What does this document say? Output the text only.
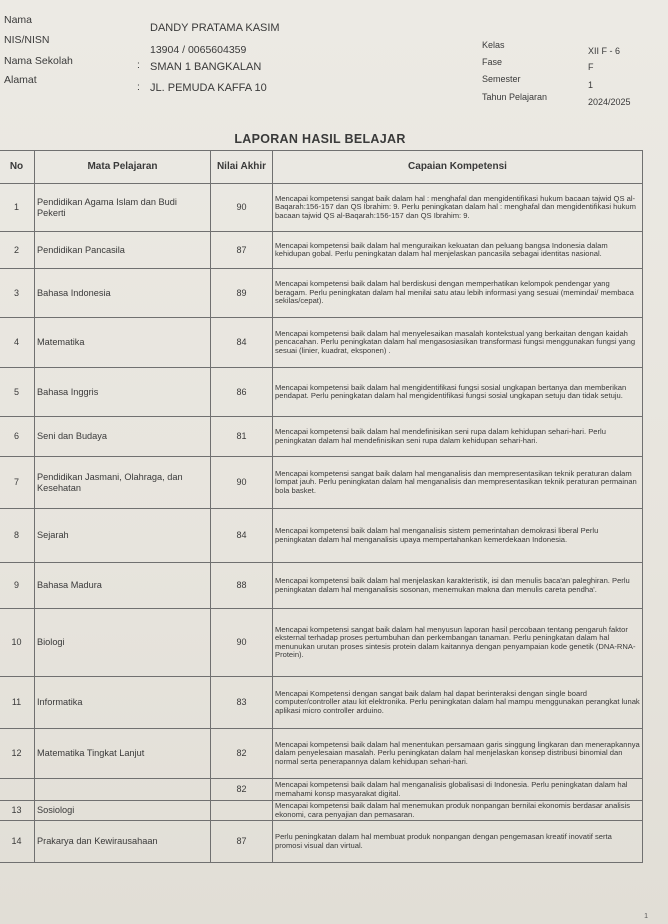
Nama
DANDY PRATAMA KASIM
NIS/NISN
13904 / 0065604359
Nama Sekolah	: SMAN 1 BANGKALAN
Alamat
: JL. PEMUDA KAFFA 10
Kelas
XII F - 6
Fase	F
Semester
1
Tahun Pelajaran	2024/2025
LAPORAN HASIL BELAJAR
No	Mata Pelajaran	Nilai Akhir	Capaian Kompetensi
1	Pendidikan Agama Islam dan Budi Pekerti	90	Mencapai kompetensi sangat baik dalam hal : menghafal dan mengidentifikasi hukum bacaan tajwid QS al-Baqarah:156-157 dan QS Ibrahim: 9. Perlu peningkatan dalam hal : menghafal dan mengidentifikasi hukum bacaan tajwid QS al-Baqarah:156-157 dan QS Ibrahim: 9.
2	Pendidikan Pancasila	87	Mencapai kompetensi baik dalam hal menguraikan kekuatan dan peluang bangsa Indonesia dalam kehidupan gobal. Perlu peningkatan dalam hal menjelaskan pancasila sebagai identitas nasional.
3	Bahasa Indonesia	89	Mencapai kompetensi baik dalam hal berdiskusi dengan memperhatikan kelompok pendengar yang beragam. Perlu peningkatan dalam hal menilai satu atau lebih informasi yang sesuai (memindai/ membaca sekilas/cepat).
4	Matematika	84	Mencapai kompetensi baik dalam hal menyelesaikan masalah kontekstual yang berkaitan dengan kaidah pencacahan. Perlu peningkatan dalam hal mengasosiasikan transformasi fungsi menggunakan fungsi yang sesuai (linier, kuadrat, eksponen) .
5	Bahasa Inggris	86	Mencapai kompetensi baik dalam hal mengidentifikasi fungsi sosial ungkapan bertanya dan memberikan pendapat. Perlu peningkatan dalam hal mengidentifikasi fungsi sosial ungkapan setuju dan tidak setuju.
6	Seni dan Budaya	81	Mencapai kompetensi baik dalam hal mendefinisikan seni rupa dalam kehidupan sehari-hari. Perlu peningkatan dalam hal mendefinisikan seni rupa dalam kehidupan sehari-hari.
7	Pendidikan Jasmani, Olahraga, dan Kesehatan	90	Mencapai kompetensi sangat baik dalam hal menganalisis dan mempresentasikan teknik peraturan dalam lompat jauh. Perlu peningkatan dalam hal menganalisis dan mempresentasikan teknik peraturan permainan bola basket.
8	Sejarah	84	Mencapai kompetensi baik dalam hal menganalisis sistem pemerintahan demokrasi liberal Perlu peningkatan dalam hal menganalisis upaya mempertahankan kemerdekaan Indonesia.
9	Bahasa Madura	88	Mencapai kompetensi baik dalam hal menjelaskan karakteristik, isi dan menulis baca'an paleghiran. Perlu peningkatan dalam hal menganalisis sosonan, menemukan makna dan menulis careta pendha'.
10	Biologi	90	Mencapai kompetensi sangat baik dalam hal menyusun laporan hasil percobaan tentang pengaruh faktor eksternal terhadap proses pertumbuhan dan perkembangan tanaman. Perlu peningkatan dalam hal menunukan urutan proses sintesis protein dalam kaitannya dengan penyampaian kode genetik (DNA-RNA-Protein).
11	Informatika	83	Mencapai Kompetensi dengan sangat baik dalam hal dapat berinteraksi dengan single board computer/controller atau kit elektronika. Perlu peningkatan dalam hal mampu menggunakan perangkat lunak aplikasi micro controller arduino.
12	Matematika Tingkat Lanjut	82	Mencapai kompetensi baik dalam hal menentukan persamaan garis singgung lingkaran dan menerapkannya dalam penyelesaian masalah. Perlu peningkatan dalam hal menjelaskan konsep distribusi binomial dan normal serta penerapannya dalam kehidupan sehari-hari.
		82	Mencapai kompetensi baik dalam hal menganalisis globalisasi di Indonesia. Perlu peningkatan dalam hal memahami konsp masyarakat digital.
13	Sosiologi		Mencapai kompetensi baik dalam hal menemukan produk nonpangan bernilai ekonomis berdasar analisis ekonomi, cara penyajian dan pemasaran.
14	Prakarya dan Kewirausahaan	87	Perlu peningkatan dalam hal membuat produk nonpangan dengan pengemasan kreatif inovatif serta promosi visual dan virtual.
1
